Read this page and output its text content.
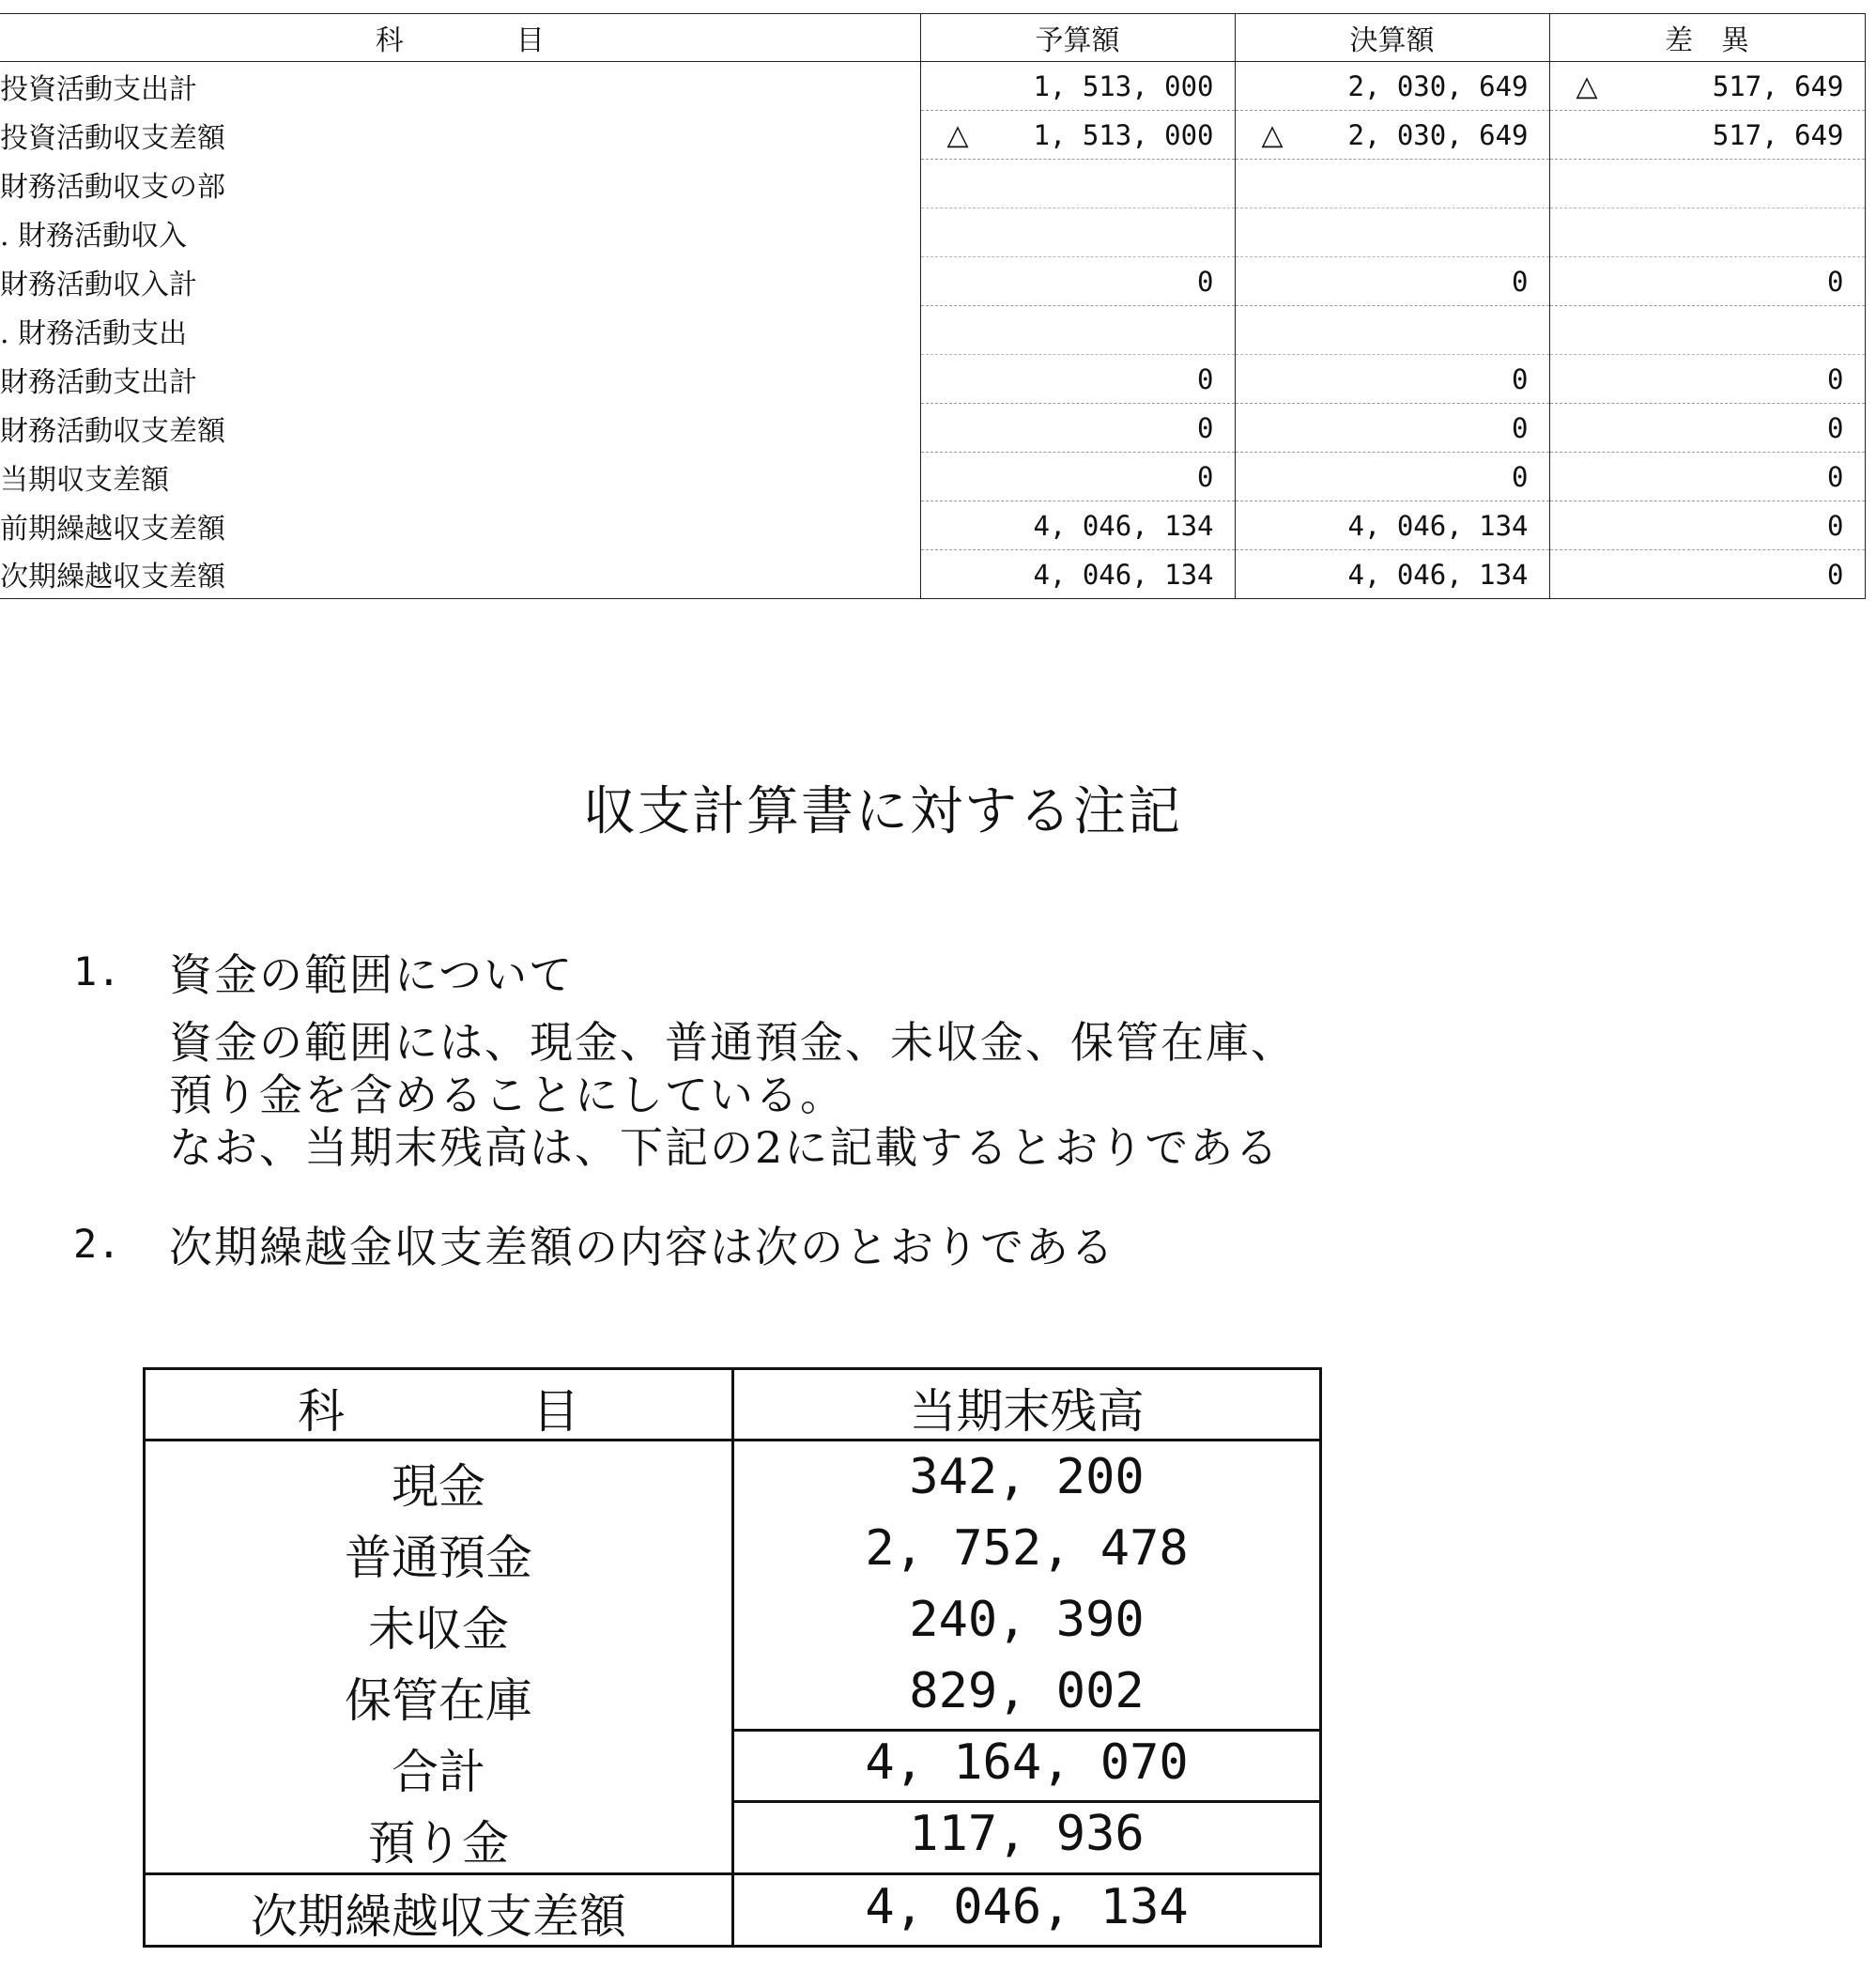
科　　　　目	予算額	決算額	差　異
投資活動支出計	1, 513, 000	2, 030, 649	△ 517, 649
投資活動収支差額	△ 1, 513, 000	△ 2, 030, 649	517, 649
財務活動収支の部			
. 財務活動収入			
財務活動収入計	0	0	0
. 財務活動支出			
財務活動支出計	0	0	0
財務活動収支差額	0	0	0
当期収支差額	0	0	0
前期繰越収支差額	4, 046, 134	4, 046, 134	0
次期繰越収支差額	4, 046, 134	4, 046, 134	0
収支計算書に対する注記
1. 資金の範囲について
資金の範囲には、現金、普通預金、未収金、保管在庫、
預り金を含めることにしている。
なお、当期末残高は、下記の2に記載するとおりである
2. 次期繰越金収支差額の内容は次のとおりである
科　　　　目	当期末残高
現金	342, 200
普通預金	2, 752, 478
未収金	240, 390
保管在庫	829, 002
合計	4, 164, 070
預り金	117, 936
次期繰越収支差額	4, 046, 134
